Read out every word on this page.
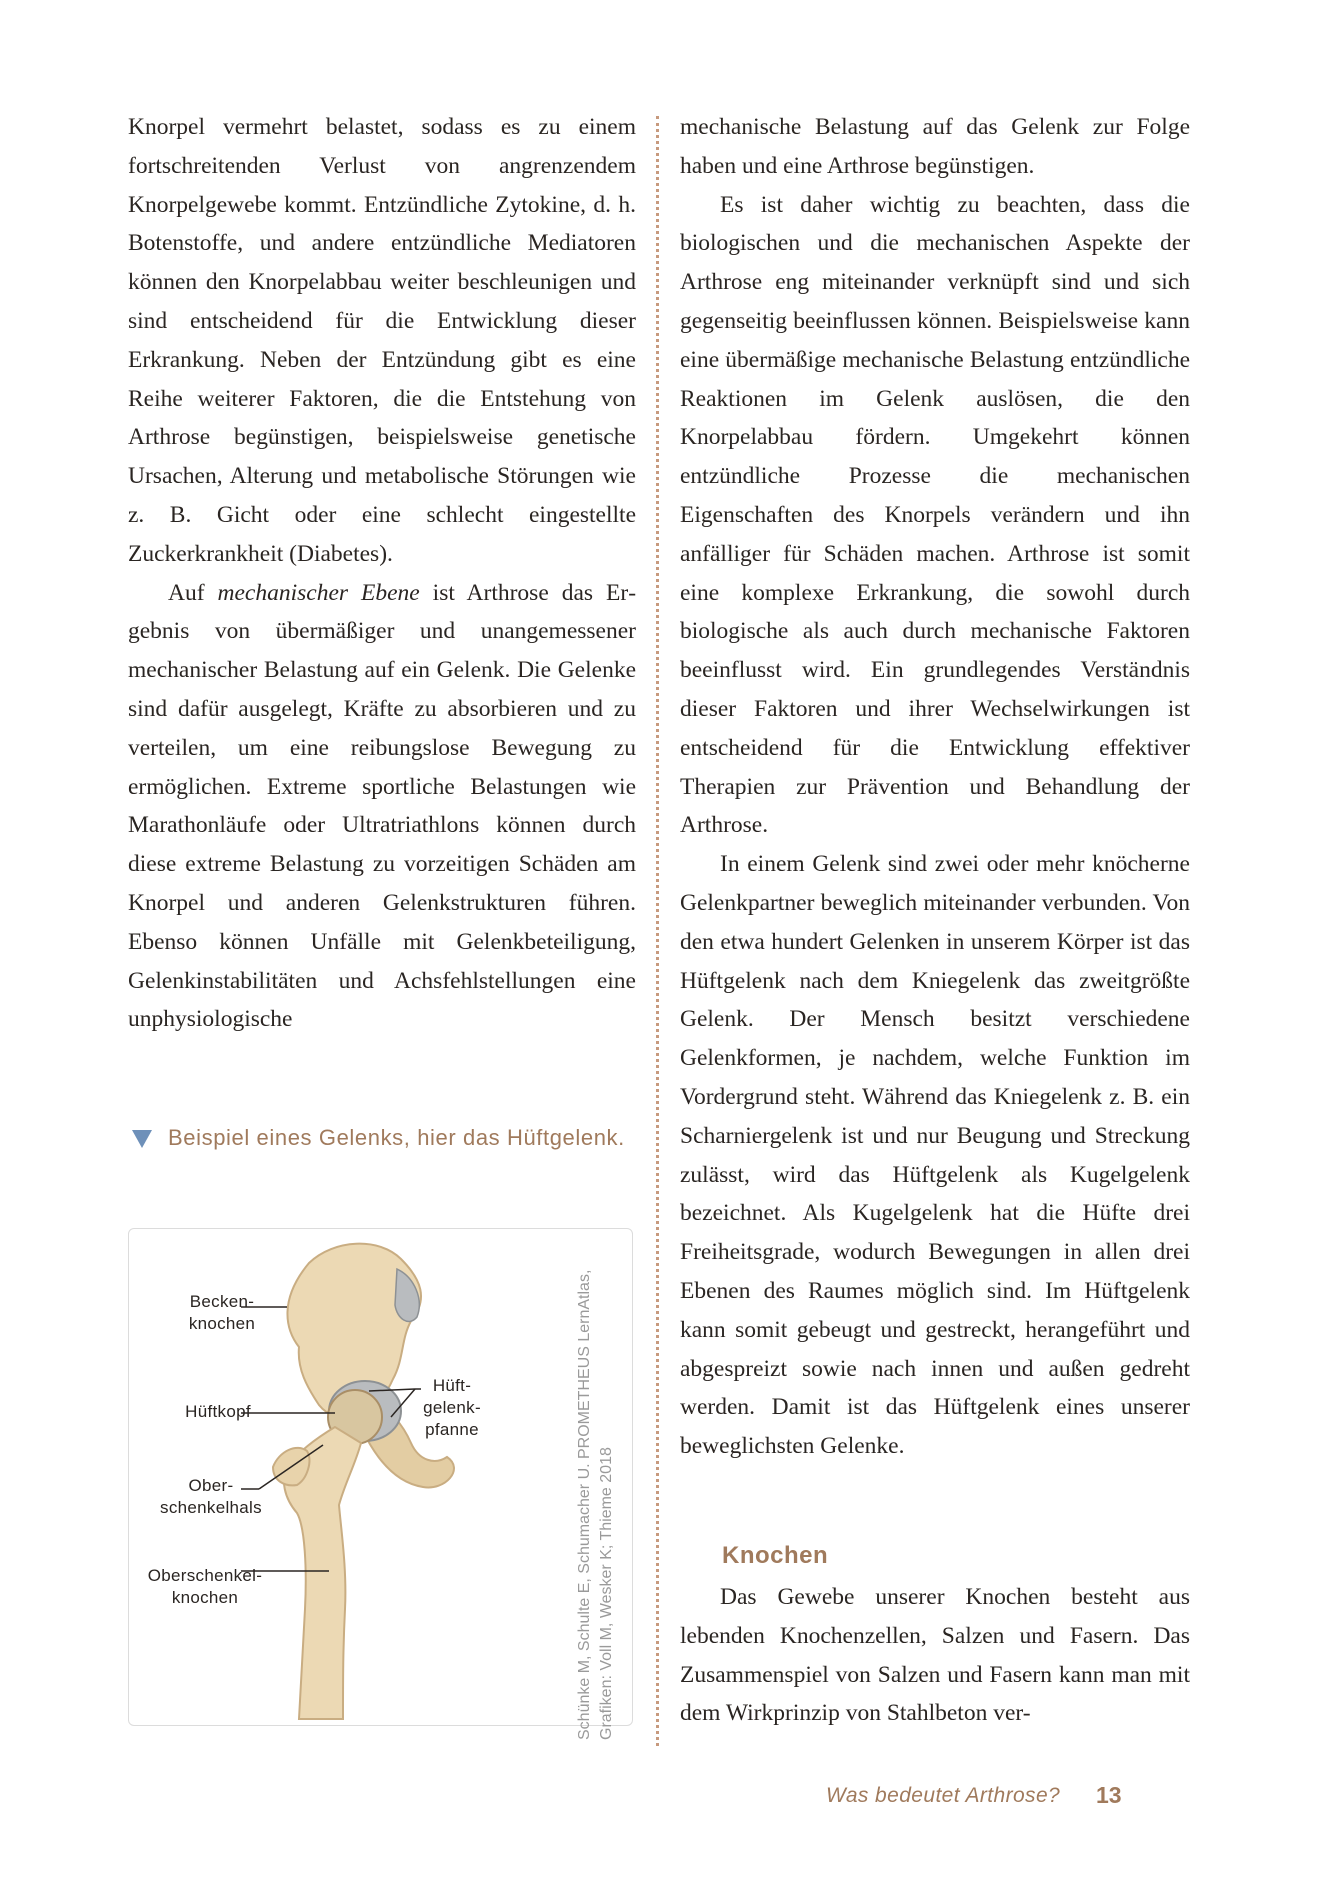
Knorpel vermehrt belastet, sodass es zu einem fortschreitenden Verlust von angrenzendem Knorpelgewebe kommt. Entzündliche Zytokine, d. h. Botenstoffe, und andere entzündliche Mediatoren können den Knorpelabbau weiter beschleunigen und sind entscheidend für die Entwicklung dieser Erkrankung. Neben der Entzündung gibt es eine Reihe weiterer Faktoren, die die Entstehung von Arthrose begünstigen, beispielsweise genetische Ursachen, Alterung und metabolische Störungen wie z. B. Gicht oder eine schlecht eingestellte Zuckerkrankheit (Diabetes).

Auf mechanischer Ebene ist Arthrose das Ergebnis von übermäßiger und unangemessener mechanischer Belastung auf ein Gelenk. Die Gelenke sind dafür ausgelegt, Kräfte zu absorbieren und zu verteilen, um eine reibungslose Bewegung zu ermöglichen. Extreme sportliche Belastungen wie Marathonläufe oder Ultratriathlons können durch diese extreme Belastung zu vorzeitigen Schäden am Knorpel und anderen Gelenkstrukturen führen. Ebenso können Unfälle mit Gelenkbeteiligung, Gelenkinstabilitäten und Achsfehlstellungen eine unphysiologische

mechanische Belastung auf das Gelenk zur Folge haben und eine Arthrose begünstigen.

Es ist daher wichtig zu beachten, dass die biologischen und die mechanischen Aspekte der Arthrose eng miteinander verknüpft sind und sich gegenseitig beeinflussen können. Beispielsweise kann eine übermäßige mechanische Belastung entzündliche Reaktionen im Gelenk auslösen, die den Knorpelabbau fördern. Umgekehrt können entzündliche Prozesse die mechanischen Eigenschaften des Knorpels verändern und ihn anfälliger für Schäden machen. Arthrose ist somit eine komplexe Erkrankung, die sowohl durch biologische als auch durch mechanische Faktoren beeinflusst wird. Ein grundlegendes Verständnis dieser Faktoren und ihrer Wechselwirkungen ist entscheidend für die Entwicklung effektiver Therapien zur Prävention und Behandlung der Arthrose.

In einem Gelenk sind zwei oder mehr knöcherne Gelenkpartner beweglich miteinander verbunden. Von den etwa hundert Gelenken in unserem Körper ist das Hüftgelenk nach dem Kniegelenk das zweitgrößte Gelenk. Der Mensch besitzt verschiedene Gelenkformen, je nachdem, welche Funktion im Vordergrund steht. Während das Kniegelenk z. B. ein Scharniergelenk ist und nur Beugung und Streckung zulässt, wird das Hüftgelenk als Kugelgelenk bezeichnet. Als Kugelgelenk hat die Hüfte drei Freiheitsgrade, wodurch Bewegungen in allen drei Ebenen des Raumes möglich sind. Im Hüftgelenk kann somit gebeugt und gestreckt, herangeführt und abgespreizt sowie nach innen und außen gedreht werden. Damit ist das Hüftgelenk eines unserer beweglichsten Gelenke.

Knochen

Das Gewebe unserer Knochen besteht aus lebenden Knochenzellen, Salzen und Fasern. Das Zusammenspiel von Salzen und Fasern kann man mit dem Wirkprinzip von Stahlbeton ver-

Beispiel eines Gelenks, hier das Hüftgelenk.
Becken-
knochen
Hüftkopf
Ober-
schenkelhals
Oberschenkel-
knochen
Hüft-
gelenk-
pfanne
Schünke M, Schulte E, Schumacher U. PROMETHEUS LernAtlas,
Grafiken: Voll M, Wesker K; Thieme 2018
Was bedeutet Arthrose? 13
